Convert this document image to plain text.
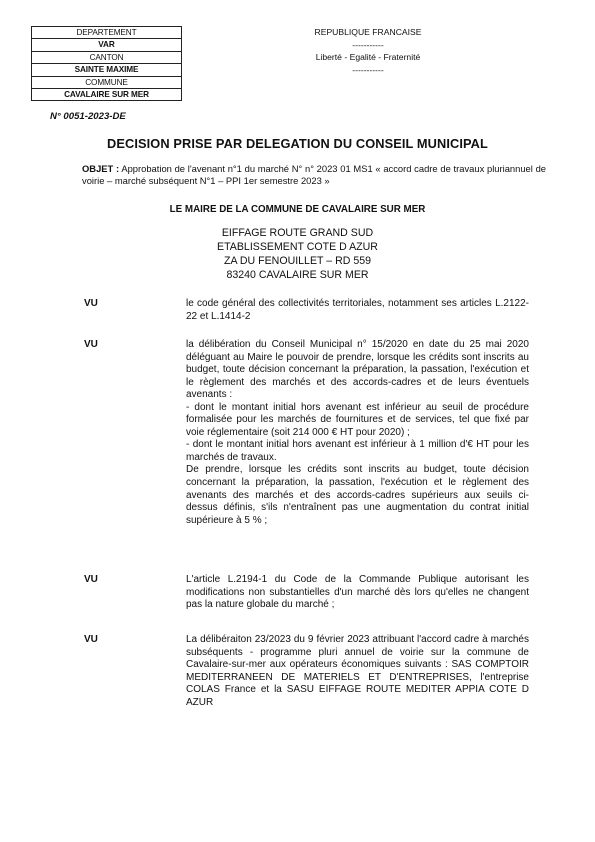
DEPARTEMENT
VAR
CANTON
SAINTE MAXIME
COMMUNE
CAVALAIRE SUR MER
REPUBLIQUE FRANCAISE
-----------
Liberté - Egalité - Fraternité
-----------
N° 0051-2023-DE
DECISION PRISE PAR DELEGATION DU CONSEIL MUNICIPAL
OBJET : Approbation de l'avenant n°1 du marché N° n° 2023 01 MS1 « accord cadre de travaux pluriannuel de voirie – marché subséquent N°1 – PPI 1er semestre 2023 »
LE MAIRE DE LA COMMUNE DE CAVALAIRE SUR MER
EIFFAGE ROUTE GRAND SUD
ETABLISSEMENT COTE D AZUR
ZA DU FENOUILLET – RD 559
83240 CAVALAIRE SUR MER
VU	le code général des collectivités territoriales, notamment ses articles L.2122-22 et L.1414-2

VU	la délibération du Conseil Municipal n° 15/2020 en date du 25 mai 2020 déléguant au Maire le pouvoir de prendre, lorsque les crédits sont inscrits au budget, toute décision concernant la préparation, la passation, l'exécution et le règlement des marchés et des accords-cadres et de leurs éventuels avenants :

- dont le montant initial hors avenant est inférieur au seuil de procédure formalisée pour les marchés de fournitures et de services, tel que fixé par voie réglementaire (soit 214 000 € HT pour 2020) ;

- dont le montant initial hors avenant est inférieur à 1 million d'€ HT pour les marchés de travaux.

De prendre, lorsque les crédits sont inscrits au budget, toute décision concernant la préparation, la passation, l'exécution et le règlement des avenants des marchés et des accords-cadres supérieurs aux seuils ci-dessus définis, s'ils n'entraînent pas une augmentation du contrat initial supérieure à 5 % ;

VU	L'article L.2194-1 du Code de la Commande Publique autorisant les modifications non substantielles d'un marché dès lors qu'elles ne changent pas la nature globale du marché ;

VU	La délibéraiton 23/2023 du 9 février 2023 attribuant l'accord cadre à marchés subséquents - programme pluri annuel de voirie sur la commune de Cavalaire-sur-mer aux opérateurs économiques suivants : SAS COMPTOIR MEDITERRANEEN DE MATERIELS ET D'ENTREPRISES, l'entreprise COLAS France et la SASU EIFFAGE ROUTE MEDITER APPIA COTE D AZUR
